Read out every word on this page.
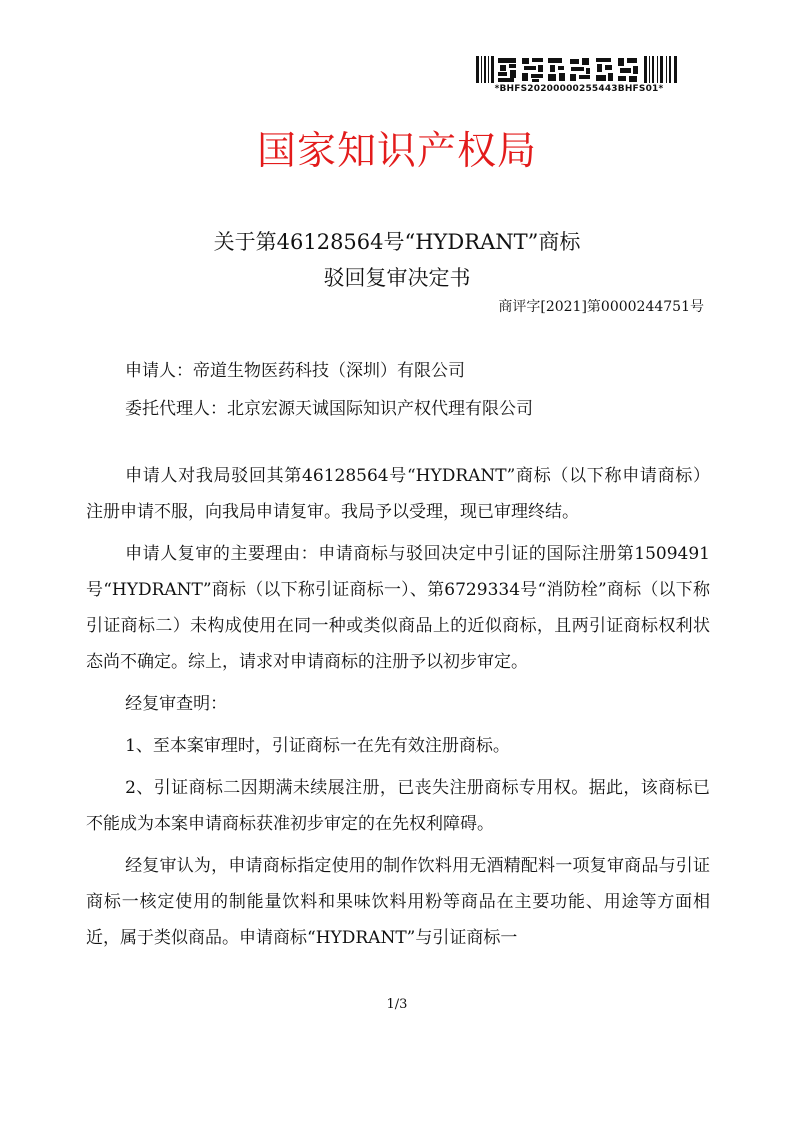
*BHFS20200000255443BHFS01*
国家知识产权局
关于第46128564号“HYDRANT”商标
驳回复审决定书
商评字[2021]第0000244751号
申请人：帝道生物医药科技（深圳）有限公司
委托代理人：北京宏源天诚国际知识产权代理有限公司

申请人对我局驳回其第46128564号“HYDRANT”商标（以下称申请商标）注册申请不服，向我局申请复审。我局予以受理，现已审理终结。

申请人复审的主要理由：申请商标与驳回决定中引证的国际注册第1509491号“HYDRANT”商标（以下称引证商标一）、第6729334号“消防栓”商标（以下称引证商标二）未构成使用在同一种或类似商品上的近似商标，且两引证商标权利状态尚不确定。综上，请求对申请商标的注册予以初步审定。

经复审查明：

1、至本案审理时，引证商标一在先有效注册商标。

2、引证商标二因期满未续展注册，已丧失注册商标专用权。据此，该商标已不能成为本案申请商标获准初步审定的在先权利障碍。

经复审认为，申请商标指定使用的制作饮料用无酒精配料一项复审商品与引证商标一核定使用的制能量饮料和果味饮料用粉等商品在主要功能、用途等方面相近，属于类似商品。申请商标“HYDRANT”与引证商标一

1/3
